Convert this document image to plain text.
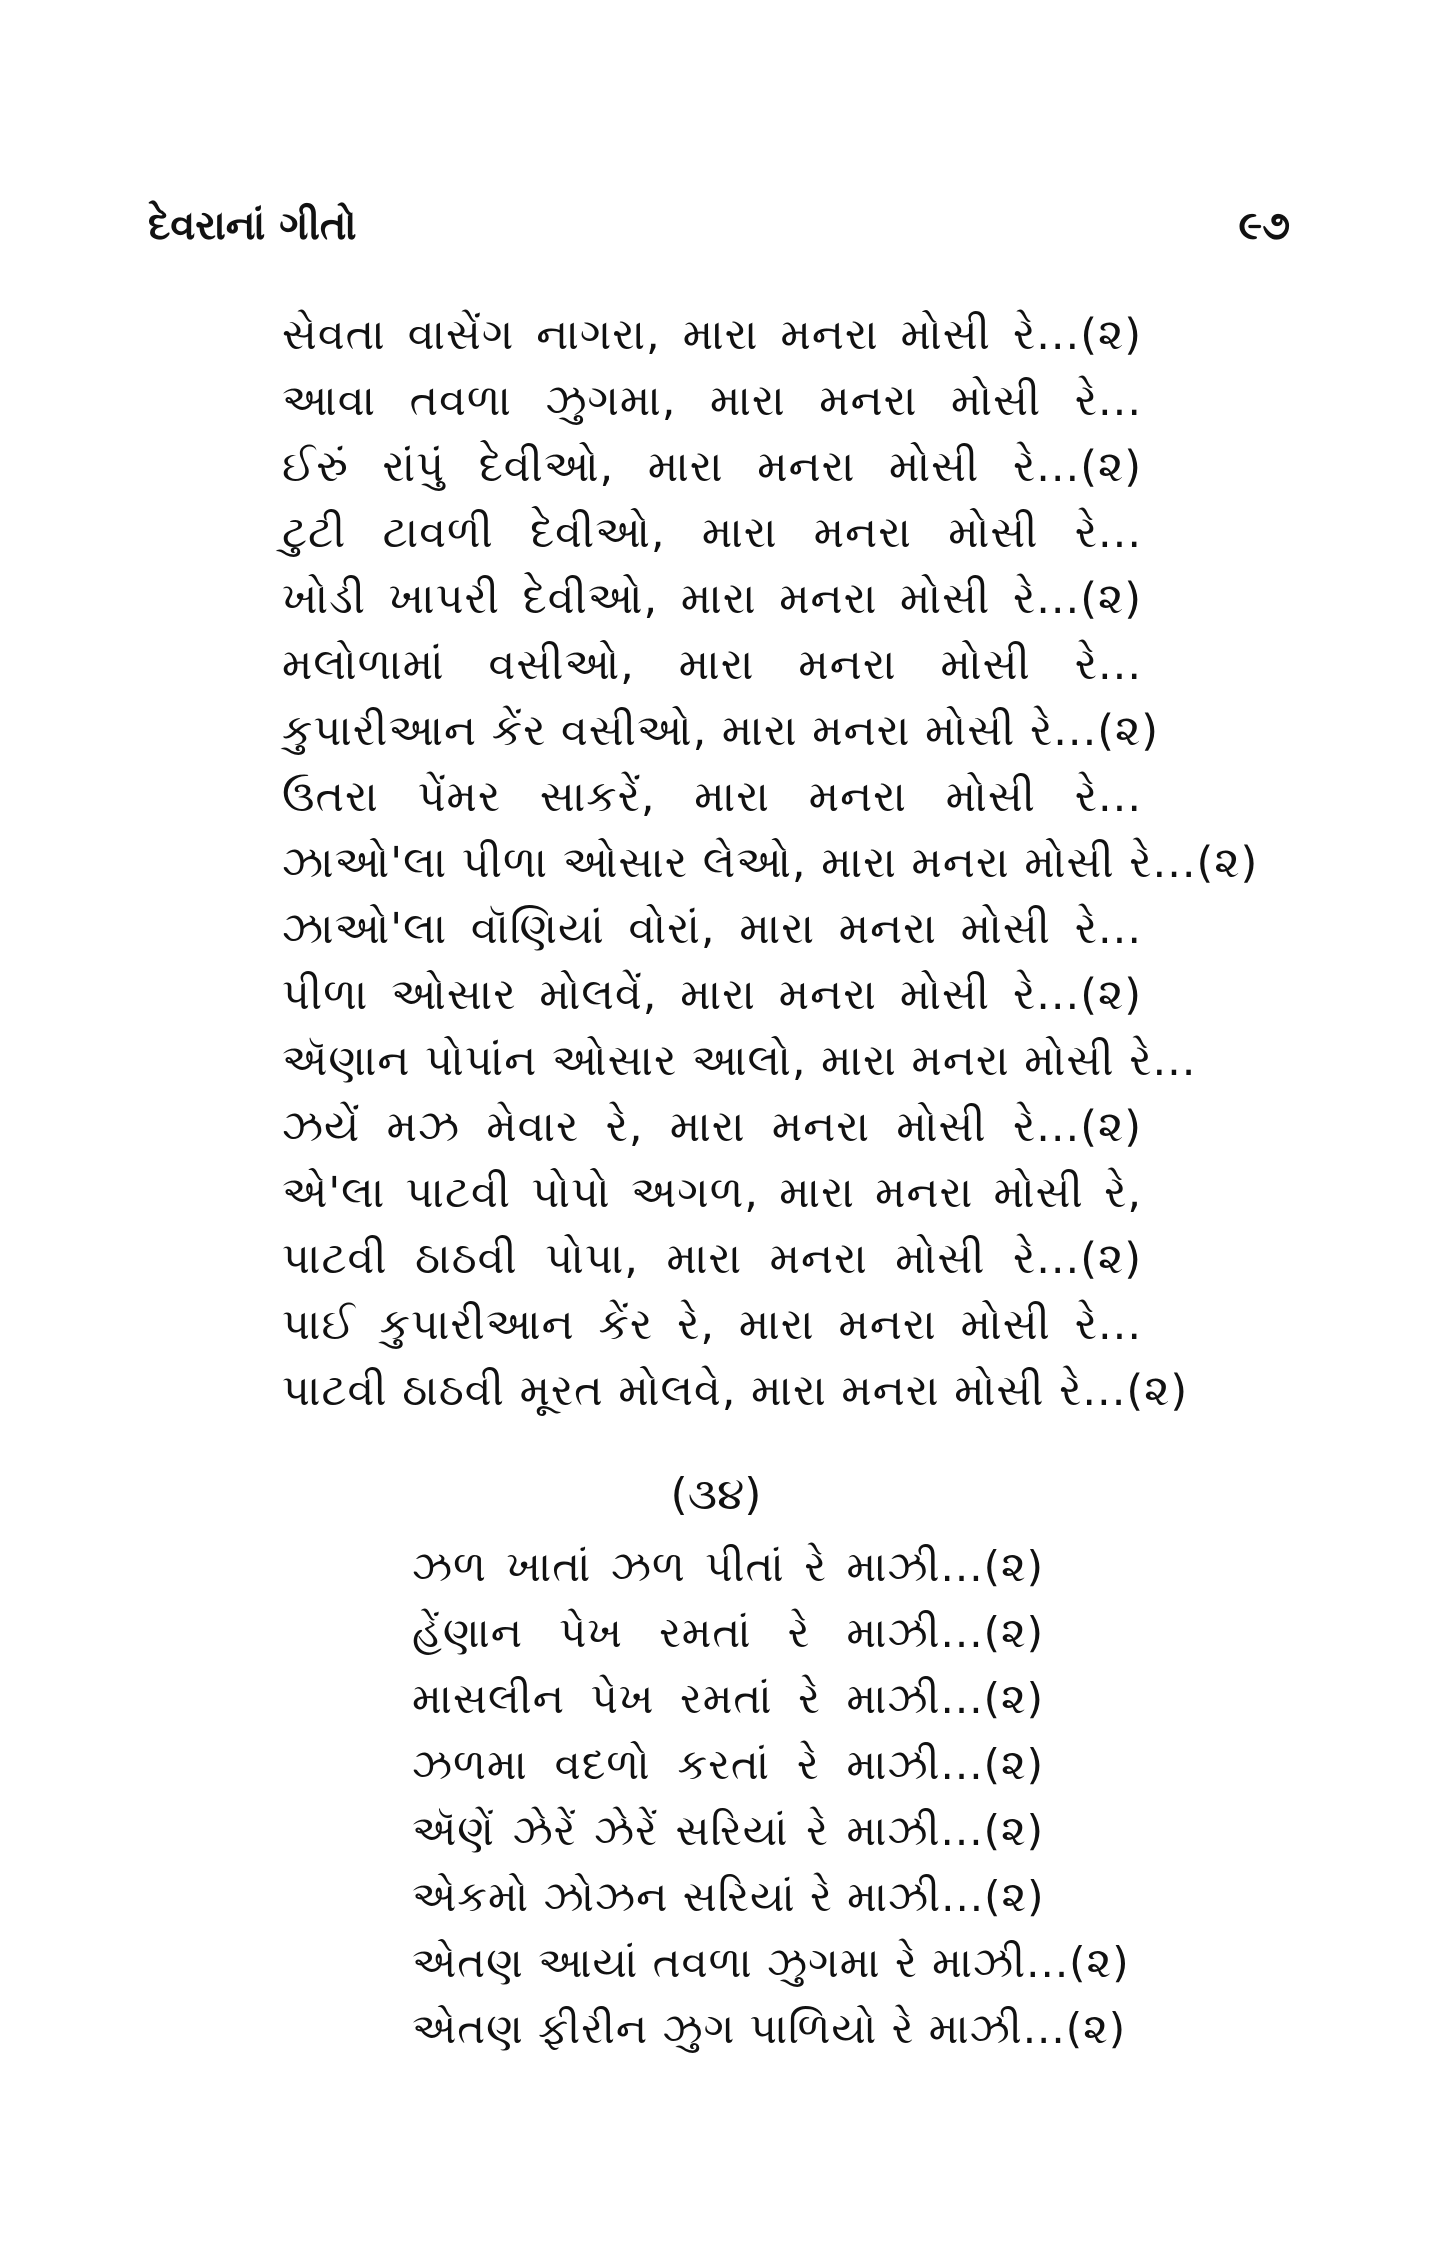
દેવરાનાં ગીતો	૯૭
સેવતા વાસેંગ નાગરા, મારા મનરા મોસી રે...(૨)
આવા તવળા ઝુગમા, મારા મનરા મોસી રે...
ઈરું રાંપું દેવીઓ, મારા મનરા મોસી રે...(૨)
ટુટી ટાવળી દેવીઓ, મારા મનરા મોસી રે...
ખોડી ખાપરી દેવીઓ, મારા મનરા મોસી રે...(૨)
મલોળામાં વસીઓ, મારા મનરા મોસી રે...
કુપારીઆન કેંર વસીઓ, મારા મનરા મોસી રે...(૨)
ઉતરા પેંમર સાકરેં, મારા મનરા મોસી રે...
ઝાઓ'લા પીળા ઓસાર લેઓ, મારા મનરા મોસી રે...(૨)
ઝાઓ'લા વૉણિયાં વોરાં, મારા મનરા મોસી રે...
પીળા ઓસાર મોલવેં, મારા મનરા મોસી રે...(૨)
ઍણાન પોપાંન ઓસાર આલો, મારા મનરા મોસી રે...
ઝયેં મઝ મેવાર રે, મારા મનરા મોસી રે...(૨)
એ'લા પાટવી પોપો અગળ, મારા મનરા મોસી રે,
પાટવી ઠાઠવી પોપા, મારા મનરા મોસી રે...(૨)
પાઈ કુપારીઆન કેંર રે, મારા મનરા મોસી રે...
પાટવી ઠાઠવી મૂરત મોલવે, મારા મનરા મોસી રે...(૨)
(૩૪)
ઝળ ખાતાં ઝળ પીતાં રે માઝી...(૨)
હેંણાન પેખ રમતાં રે માઝી...(૨)
માસલીન પેખ રમતાં રે માઝી...(૨)
ઝળમા વદળો કરતાં રે માઝી...(૨)
ઍણેં ઝેરેં ઝેરેં સરિયાં રે માઝી...(૨)
એકમો ઝોઝન સરિયાં રે માઝી...(૨)
એતણ આયાં તવળા ઝુગમા રે માઝી...(૨)
એતણ ફીરીન ઝુગ પાળિયો રે માઝી...(૨)
